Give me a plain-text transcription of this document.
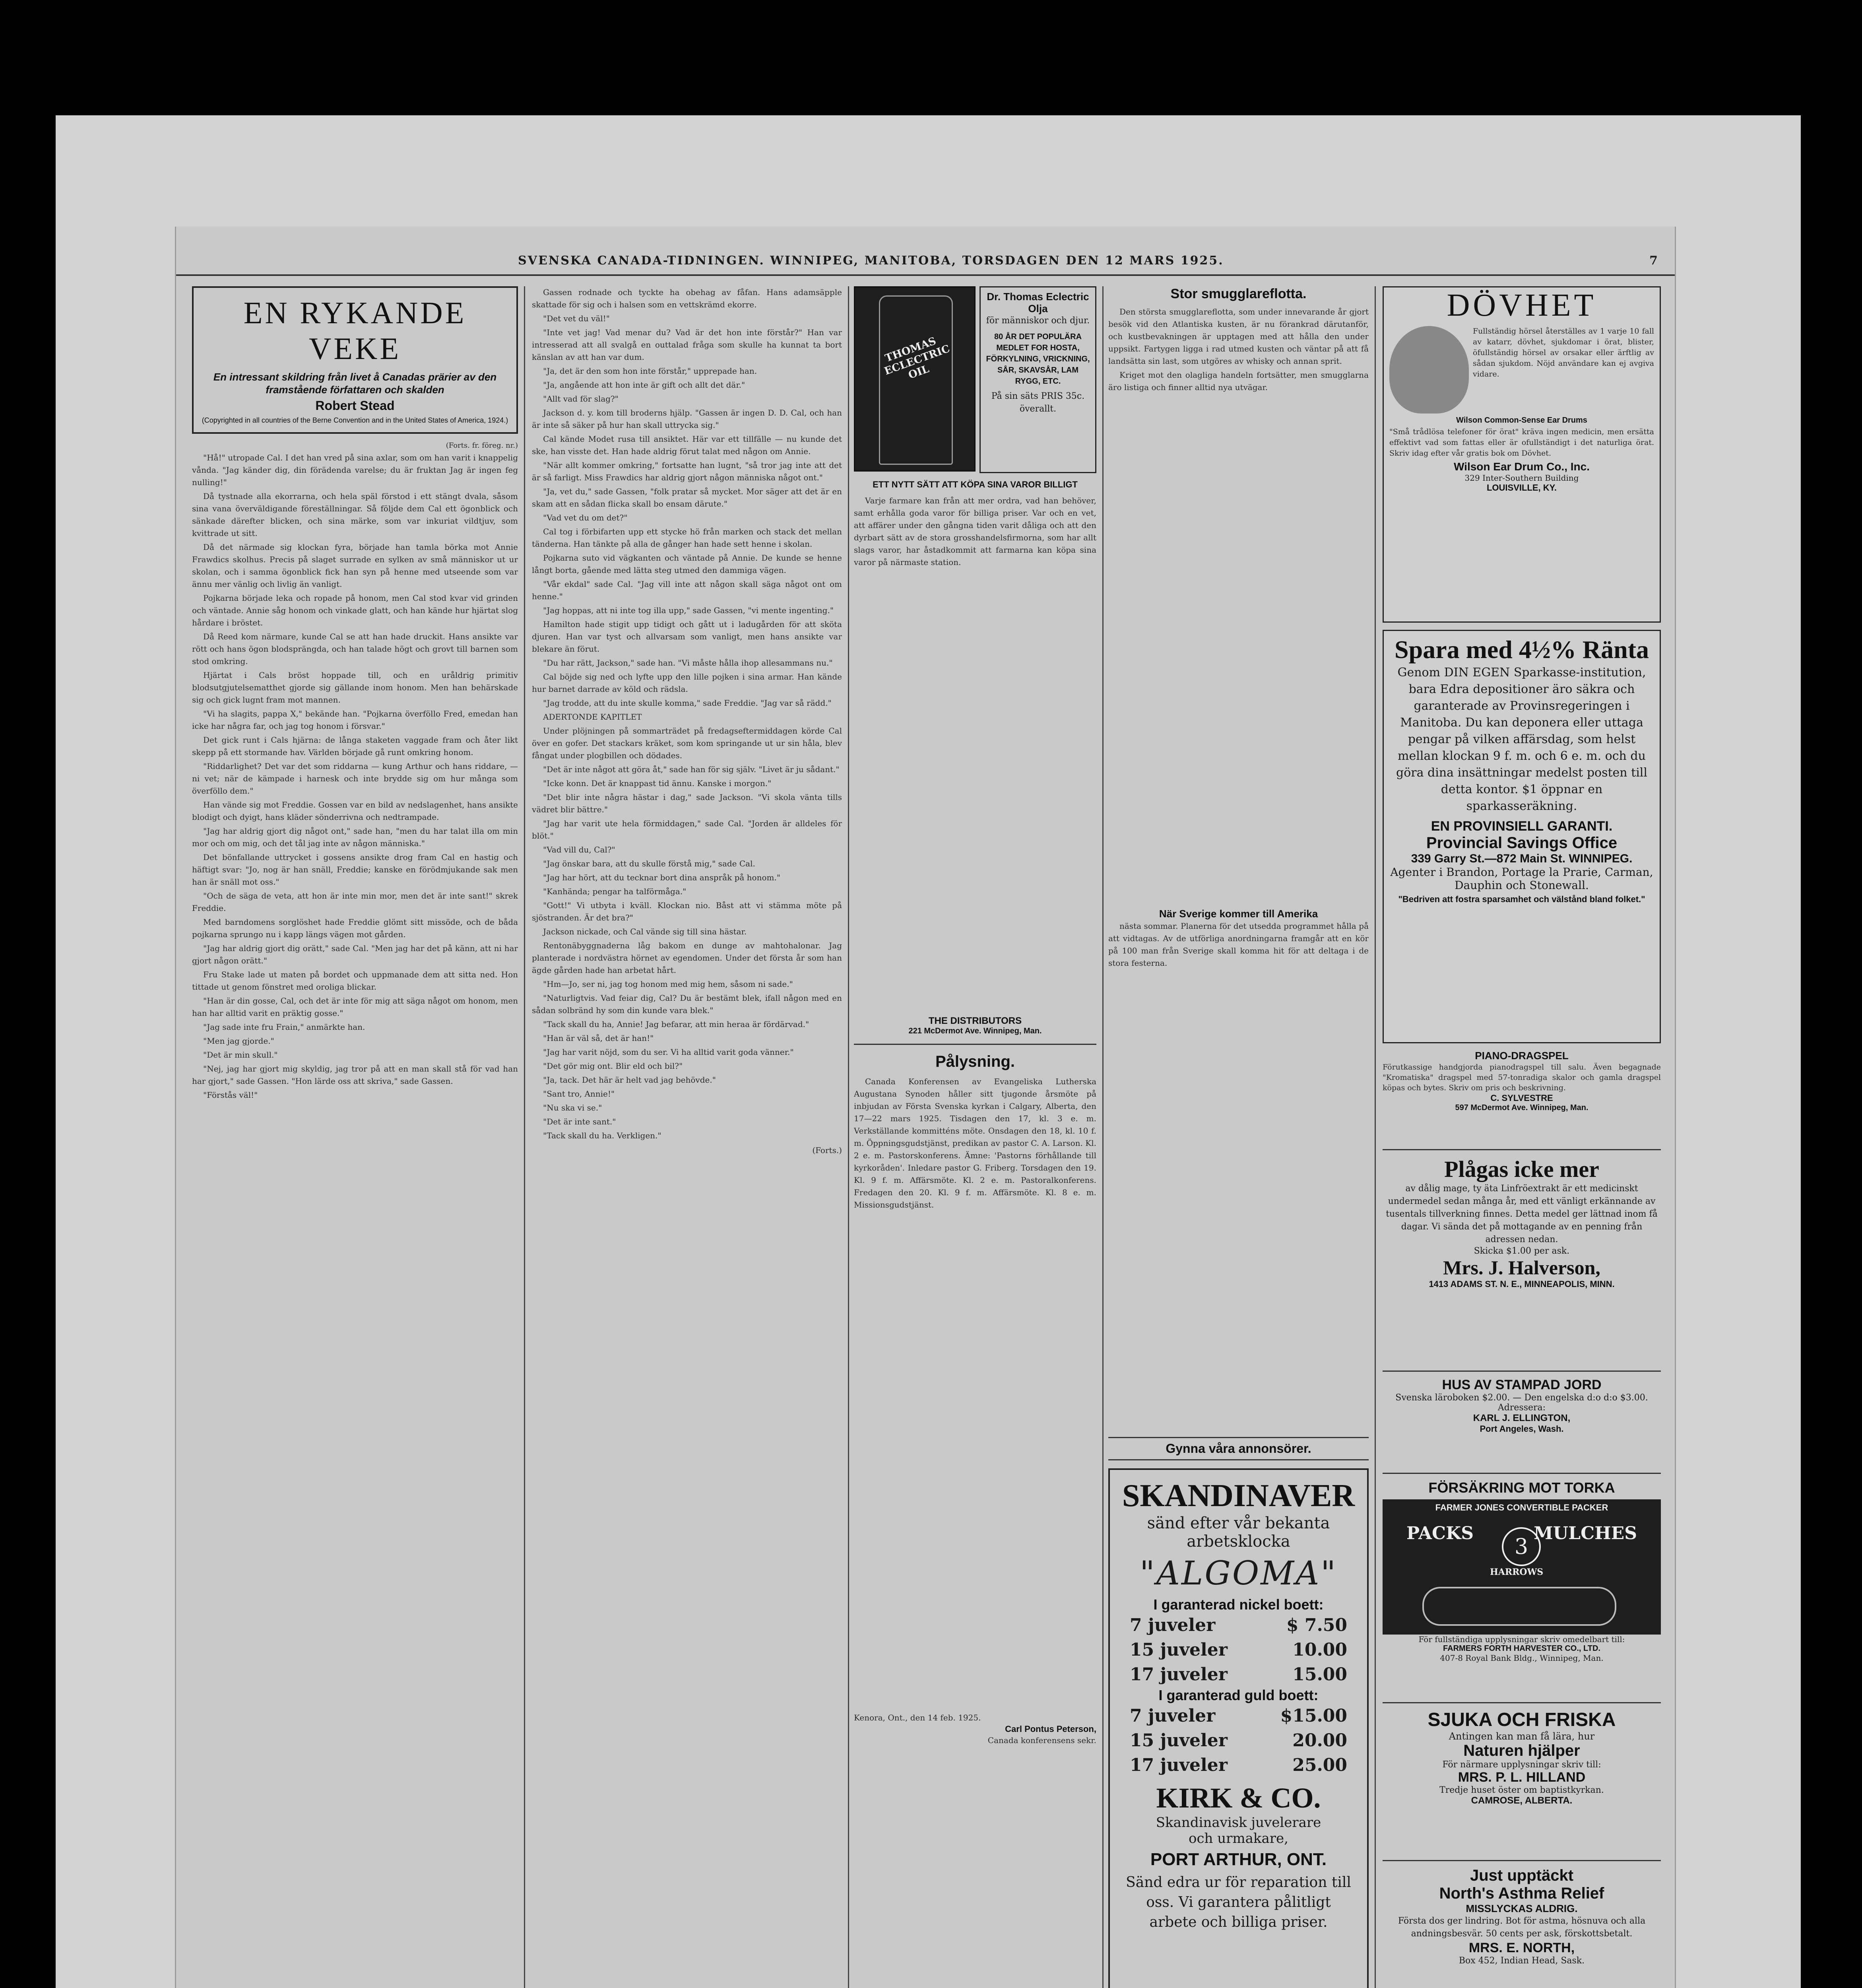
SVENSKA CANADA-TIDNINGEN. WINNIPEG, MANITOBA, TORSDAGEN DEN 12 MARS 1925.	7
EN RYKANDE VEKE
En intressant skildring från livet å Canadas prärier av den framstående författaren och skalden
Robert Stead
(Copyrighted in all countries of the Berne Convention and in the United States of America, 1924.)
(Forts. fr. föreg. nr.)

"Hå!" utropade Cal. I det han vred på sina axlar, som om han varit i knappelig vånda. "Jag känder dig, din förädenda varelse; du är fruktan Jag är ingen feg nulling!"

Då tystnade alla ekorrarna, och hela späl förstod i ett stängt dvala, såsom sina vana överväldigande föreställningar. Så följde dem Cal ett ögonblick och sänkade därefter blicken, och sina märke, som var inkuriat vildtjuv, som kvittrade ut sitt.

Då det närmade sig klockan fyra, började han tamla börka mot Annie Frawdics skolhus. Precis på slaget surrade en sylken av små människor ut ur skolan, och i samma ögonblick fick han syn på henne med utseende som var ännu mer vänlig och livlig än vanligt.

Pojkarna började leka och ropade på honom, men Cal stod kvar vid grinden och väntade. Annie såg honom och vinkade glatt, och han kände hur hjärtat slog hårdare i bröstet.

Då Reed kom närmare, kunde Cal se att han hade druckit. Hans ansikte var rött och hans ögon blodsprängda, och han talade högt och grovt till barnen som stod omkring.

Hjärtat i Cals bröst hoppade till, och en uråldrig primitiv blodsutgjutelsematthet gjorde sig gällande inom honom. Men han behärskade sig och gick lugnt fram mot mannen.

"Vi ha slagits, pappa X," bekände han. "Pojkarna överföllo Fred, emedan han icke har några far, och jag tog honom i försvar."

Det gick runt i Cals hjärna: de långa staketen vaggade fram och åter likt skepp på ett stormande hav. Världen började gå runt omkring honom.

"Riddarlighet? Det var det som riddarna — kung Arthur och hans riddare, — ni vet; när de kämpade i harnesk och inte brydde sig om hur många som överföllo dem."

Han vände sig mot Freddie. Gossen var en bild av nedslagenhet, hans ansikte blodigt och dyigt, hans kläder sönderrivna och nedtrampade.

"Jag har aldrig gjort dig något ont," sade han, "men du har talat illa om min mor och om mig, och det tål jag inte av någon människa."

Det bönfallande uttrycket i gossens ansikte drog fram Cal en hastig och häftigt svar: "Jo, nog är han snäll, Freddie; kanske en förödmjukande sak men han är snäll mot oss."

"Och de säga de veta, att hon är inte min mor, men det är inte sant!" skrek Freddie.

Med barndomens sorglöshet hade Freddie glömt sitt missöde, och de båda pojkarna sprungo nu i kapp längs vägen mot gården.

"Jag har aldrig gjort dig orätt," sade Cal. "Men jag har det på känn, att ni har gjort någon orätt."

Fru Stake lade ut maten på bordet och uppmanade dem att sitta ned. Hon tittade ut genom fönstret med oroliga blickar.

"Han är din gosse, Cal, och det är inte för mig att säga något om honom, men han har alltid varit en präktig gosse."

"Jag sade inte fru Frain," anmärkte han.

"Men jag gjorde."

"Det är min skull."

"Nej, jag har gjort mig skyldig, jag tror på att en man skall stå för vad han har gjort," sade Gassen. "Hon lärde oss att skriva," sade Gassen.

"Förstås väl!"

Gassen rodnade och tyckte ha obehag av fåfan. Hans adamsäpple skattade för sig och i halsen som en vettskrämd ekorre.

"Det vet du väl!"

"Inte vet jag! Vad menar du? Vad är det hon inte förstår?" Han var intresserad att all svalgå en outtalad fråga som skulle ha kunnat ta bort känslan av att han var dum.

"Ja, det är den som hon inte förstår," upprepade han.

"Ja, angående att hon inte är gift och allt det där."

"Allt vad för slag?"

Jackson d. y. kom till broderns hjälp. "Gassen är ingen D. D. Cal, och han är inte så säker på hur han skall uttrycka sig."

Cal kände Modet rusa till ansiktet. Här var ett tillfälle — nu kunde det ske, han visste det. Han hade aldrig förut talat med någon om Annie.

"När allt kommer omkring," fortsatte han lugnt, "så tror jag inte att det är så farligt. Miss Frawdics har aldrig gjort någon människa något ont."

"Ja, vet du," sade Gassen, "folk pratar så mycket. Mor säger att det är en skam att en sådan flicka skall bo ensam därute."

"Vad vet du om det?"

Cal tog i förbifarten upp ett stycke hö från marken och stack det mellan tänderna. Han tänkte på alla de gånger han hade sett henne i skolan.

Pojkarna suto vid vägkanten och väntade på Annie. De kunde se henne långt borta, gående med lätta steg utmed den dammiga vägen.

"Vår ekdal" sade Cal. "Jag vill inte att någon skall säga något ont om henne."

"Jag hoppas, att ni inte tog illa upp," sade Gassen, "vi mente ingenting."

Hamilton hade stigit upp tidigt och gått ut i ladugården för att sköta djuren. Han var tyst och allvarsam som vanligt, men hans ansikte var blekare än förut.

"Du har rätt, Jackson," sade han. "Vi måste hålla ihop allesammans nu."

Cal böjde sig ned och lyfte upp den lille pojken i sina armar. Han kände hur barnet darrade av köld och rädsla.

"Jag trodde, att du inte skulle komma," sade Freddie. "Jag var så rädd."

ADERTONDE KAPITLET

Under plöjningen på sommarträdet på fredagseftermiddagen körde Cal över en gofer. Det stackars kräket, som kom springande ut ur sin håla, blev fångat under plogbillen och dödades.

"Det är inte något att göra åt," sade han för sig själv. "Livet är ju sådant."

"Icke konn. Det är knappast tid ännu. Kanske i morgon."

"Det blir inte några hästar i dag," sade Jackson. "Vi skola vänta tills vädret blir bättre."

"Jag har varit ute hela förmiddagen," sade Cal. "Jorden är alldeles för blöt."

"Vad vill du, Cal?"

"Jag önskar bara, att du skulle förstå mig," sade Cal.

"Jag har hört, att du tecknar bort dina anspråk på honom."

"Kanhända; pengar ha talförmåga."

"Gott!" Vi utbyta i kväll. Klockan nio. Båst att vi stämma möte på sjöstranden. Är det bra?"

Jackson nickade, och Cal vände sig till sina hästar.

Rentonäbyggnaderna låg bakom en dunge av mahtohalonar. Jag planterade i nordvästra hörnet av egendomen. Under det första år som han ägde gården hade han arbetat hårt.

"Hm—Jo, ser ni, jag tog honom med mig hem, såsom ni sade."

"Naturligtvis. Vad feiar dig, Cal? Du är bestämt blek, ifall någon med en sådan solbränd hy som din kunde vara blek."

"Tack skall du ha, Annie! Jag befarar, att min heraa är fördärvad."

"Han är väl så, det är han!"

"Jag har varit nöjd, som du ser. Vi ha alltid varit goda vänner."

"Det gör mig ont. Blir eld och bil?"

"Ja, tack. Det här är helt vad jag behövde."

"Sant tro, Annie!"

"Nu ska vi se."

"Det är inte sant."

"Tack skall du ha. Verkligen."

(Forts.)
THOMAS ECLECTRIC OIL
Dr. Thomas Eclectric Olja
för människor och djur.
80 ÅR DET POPULÄRA MEDLET FOR HOSTA, FÖRKYLNING, VRICKNING, SÅR, SKAVSÅR, LAM RYGG, ETC.
På sin säts PRIS 35c. överallt.
ETT NYTT SÄTT ATT KÖPA SINA VAROR BILLIGT

Varje farmare kan från att mer ordra, vad han behöver, samt erhålla goda varor för billiga priser. Var och en vet, att affärer under den gångna tiden varit dåliga och att den dyrbart sätt av de stora grosshandelsfirmorna, som har allt slags varor, har åstadkommit att farmarna kan köpa sina varor på närmaste station.

THE DISTRIBUTORS
221 McDermot Ave. Winnipeg, Man.
Pålysning.

Canada Konferensen av Evangeliska Lutherska Augustana Synoden håller sitt tjugonde årsmöte på inbjudan av Första Svenska kyrkan i Calgary, Alberta, den 17—22 mars 1925. Tisdagen den 17, kl. 3 e. m. Verkställande kommitténs möte. Onsdagen den 18, kl. 10 f. m. Öppningsgudstjänst, predikan av pastor C. A. Larson. Kl. 2 e. m. Pastorskonferens. Ämne: 'Pastorns förhållande till kyrkoråden'. Inledare pastor G. Friberg. Torsdagen den 19. Kl. 9 f. m. Affärsmöte. Kl. 2 e. m. Pastoralkonferens. Fredagen den 20. Kl. 9 f. m. Affärsmöte. Kl. 8 e. m. Missionsgudstjänst.

Kenora, Ont., den 14 feb. 1925.
Carl Pontus Peterson,
Canada konferensens sekr.
Stor smugglareflotta.

Den största smugglareflotta, som under innevarande år gjort besök vid den Atlantiska kusten, är nu förankrad därutanför, och kustbevakningen är upptagen med att hålla den under uppsikt. Fartygen ligga i rad utmed kusten och väntar på att få landsätta sin last, som utgöres av whisky och annan sprit.

Kriget mot den olagliga handeln fortsätter, men smugglarna äro listiga och finner alltid nya utvägar.

När Sverige kommer till Amerika

nästa sommar. Planerna för det utsedda programmet hålla på att vidtagas. Av de utförliga anordningarna framgår att en kör på 100 man från Sverige skall komma hit för att deltaga i de stora festerna.

Gynna våra annonsörer.
SKANDINAVER
sänd efter vår bekanta
arbetsklocka
"ALGOMA"
I garanterad nickel boett:
7 juveler	$ 7.50
15 juveler	10.00
17 juveler	15.00
I garanterad guld boett:
7 juveler	$15.00
15 juveler	20.00
17 juveler	25.00
KIRK & CO.
Skandinavisk juvelerare
och urmakare,
PORT ARTHUR, ONT.
Sänd edra ur för reparation till oss. Vi garantera pålitligt arbete och billiga priser.
DÖVHET
Fullständig hörsel återställes av 1 varje 10 fall av katarr, dövhet, sjukdomar i örat, blister, öfullständig hörsel av orsakar eller ärftlig av sådan sjukdom. Nöjd användare kan ej avgiva vidare.
Wilson Common-Sense Ear Drums
"Små trådlösa telefoner för örat" kräva ingen medicin, men ersätta effektivt vad som fattas eller är ofullständigt i det naturliga örat. Skriv idag efter vår gratis bok om Dövhet.
Wilson Ear Drum Co., Inc.
329 Inter-Southern Building
LOUISVILLE, KY.
Spara med 4½% Ränta
Genom DIN EGEN Sparkasse-institution, bara Edra depositioner äro säkra och garanterade av Provinsregeringen i Manitoba. Du kan deponera eller uttaga pengar på vilken affärsdag, som helst mellan klockan 9 f. m. och 6 e. m. och du göra dina insättningar medelst posten till detta kontor. $1 öppnar en sparkasseräkning.
EN PROVINSIELL GARANTI.
Provincial Savings Office
339 Garry St.—872 Main St. WINNIPEG.
Agenter i Brandon, Portage la Prarie, Carman, Dauphin och Stonewall.
"Bedriven att fostra sparsamhet och välstånd bland folket."
PIANO-DRAGSPEL
Förutkassige handgjorda pianodragspel till salu. Även begagnade "Kromatiska" dragspel med 57-tonradiga skalor och gamla dragspel köpas och bytes. Skriv om pris och beskrivning.
C. SYLVESTRE
597 McDermot Ave. Winnipeg, Man.
Plågas icke mer
av dålig mage, ty äta Linfröextrakt är ett medicinskt undermedel sedan många år, med ett vänligt erkännande av tusentals tillverkning finnes. Detta medel ger lättnad inom få dagar. Vi sända det på mottagande av en penning från adressen nedan.
Skicka $1.00 per ask.
Mrs. J. Halverson,
1413 ADAMS ST. N. E., MINNEAPOLIS, MINN.
HUS AV STAMPAD JORD
Svenska läroboken $2.00. — Den engelska d:o d:o $3.00.
Adressera:
KARL J. ELLINGTON,
Port Angeles, Wash.
FÖRSÄKRING MOT TORKA
FARMER JONES CONVERTIBLE PACKER
PACKS	MULCHES
3
HARROWS
För fullständiga upplysningar skriv omedelbart till:
FARMERS FORTH HARVESTER CO., LTD.
407-8 Royal Bank Bldg., Winnipeg, Man.
SJUKA OCH FRISKA
Antingen kan man få lära, hur
Naturen hjälper
För närmare upplysningar skriv till:
MRS. P. L. HILLAND
Tredje huset öster om baptistkyrkan.
CAMROSE, ALBERTA.
Just upptäckt
North's Asthma Relief
MISSLYCKAS ALDRIG.
Första dos ger lindring. Bot för astma, hösnuva och alla andningsbesvär. 50 cents per ask, förskottsbetalt.
MRS. E. NORTH,
Box 452, Indian Head, Sask.
